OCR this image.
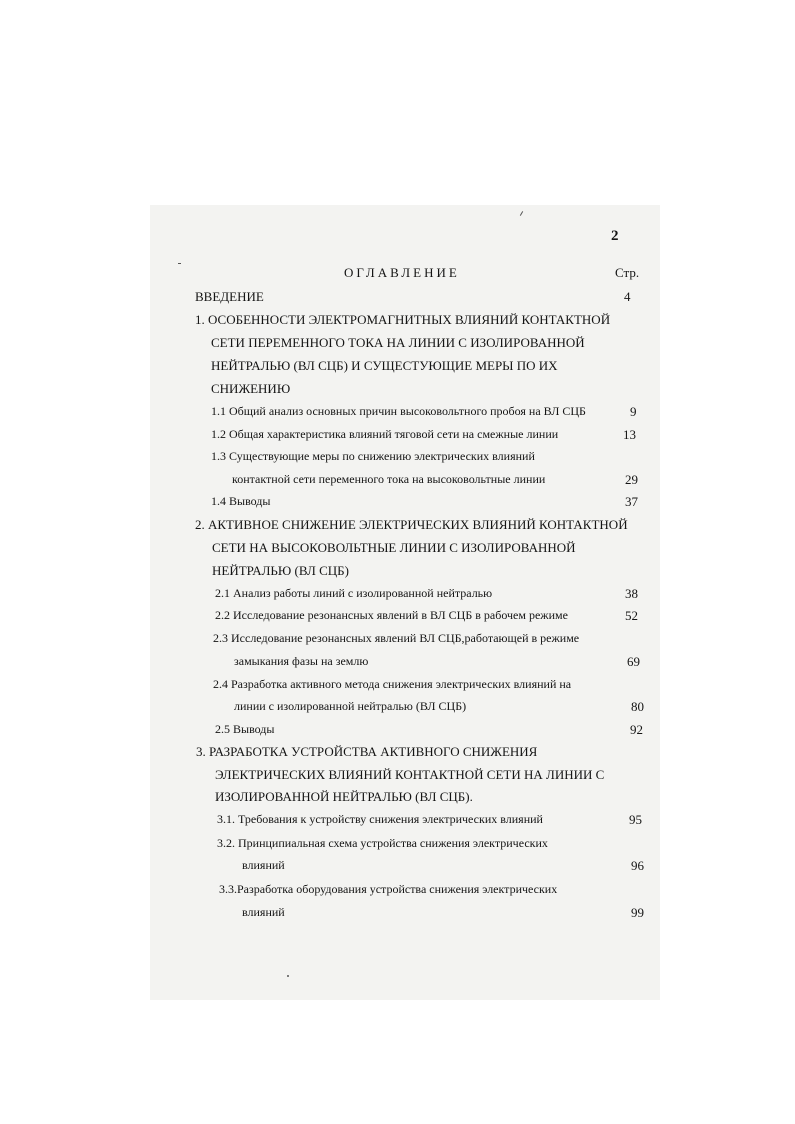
2
ОГЛАВЛЕНИЕ	Стр.
ВВЕДЕНИЕ	4
1. ОСОБЕННОСТИ ЭЛЕКТРОМАГНИТНЫХ ВЛИЯНИЙ КОНТАКТНОЙ
СЕТИ ПЕРЕМЕННОГО ТОКА НА ЛИНИИ С ИЗОЛИРОВАННОЙ
НЕЙТРАЛЬЮ (ВЛ СЦБ) И СУЩЕСТУЮЩИЕ МЕРЫ ПО ИХ
СНИЖЕНИЮ
1.1 Общий анализ основных причин высоковольтного пробоя на ВЛ СЦБ	9
1.2 Общая характеристика влияний тяговой сети на смежные линии	13
1.3 Существующие меры по снижению электрических влияний
контактной сети переменного тока на высоковольтные линии	29
1.4 Выводы	37
2. АКТИВНОЕ СНИЖЕНИЕ ЭЛЕКТРИЧЕСКИХ ВЛИЯНИЙ КОНТАКТНОЙ
СЕТИ НА ВЫСОКОВОЛЬТНЫЕ ЛИНИИ С ИЗОЛИРОВАННОЙ
НЕЙТРАЛЬЮ (ВЛ СЦБ)
2.1 Анализ работы линий с изолированной нейтралью	38
2.2 Исследование резонансных явлений в ВЛ СЦБ в рабочем режиме	52
2.3 Исследование резонансных явлений ВЛ СЦБ,работающей в режиме
замыкания фазы на землю	69
2.4 Разработка активного метода снижения электрических влияний на
линии с изолированной нейтралью (ВЛ СЦБ)	80
2.5 Выводы	92
3. РАЗРАБОТКА УСТРОЙСТВА АКТИВНОГО СНИЖЕНИЯ
ЭЛЕКТРИЧЕСКИХ ВЛИЯНИЙ КОНТАКТНОЙ СЕТИ НА ЛИНИИ С
ИЗОЛИРОВАННОЙ НЕЙТРАЛЬЮ (ВЛ СЦБ).
3.1. Требования к устройству снижения электрических влияний	95
3.2. Принципиальная схема устройства снижения электрических
влияний	96
3.3.Разработка оборудования устройства снижения электрических
влияний	99
